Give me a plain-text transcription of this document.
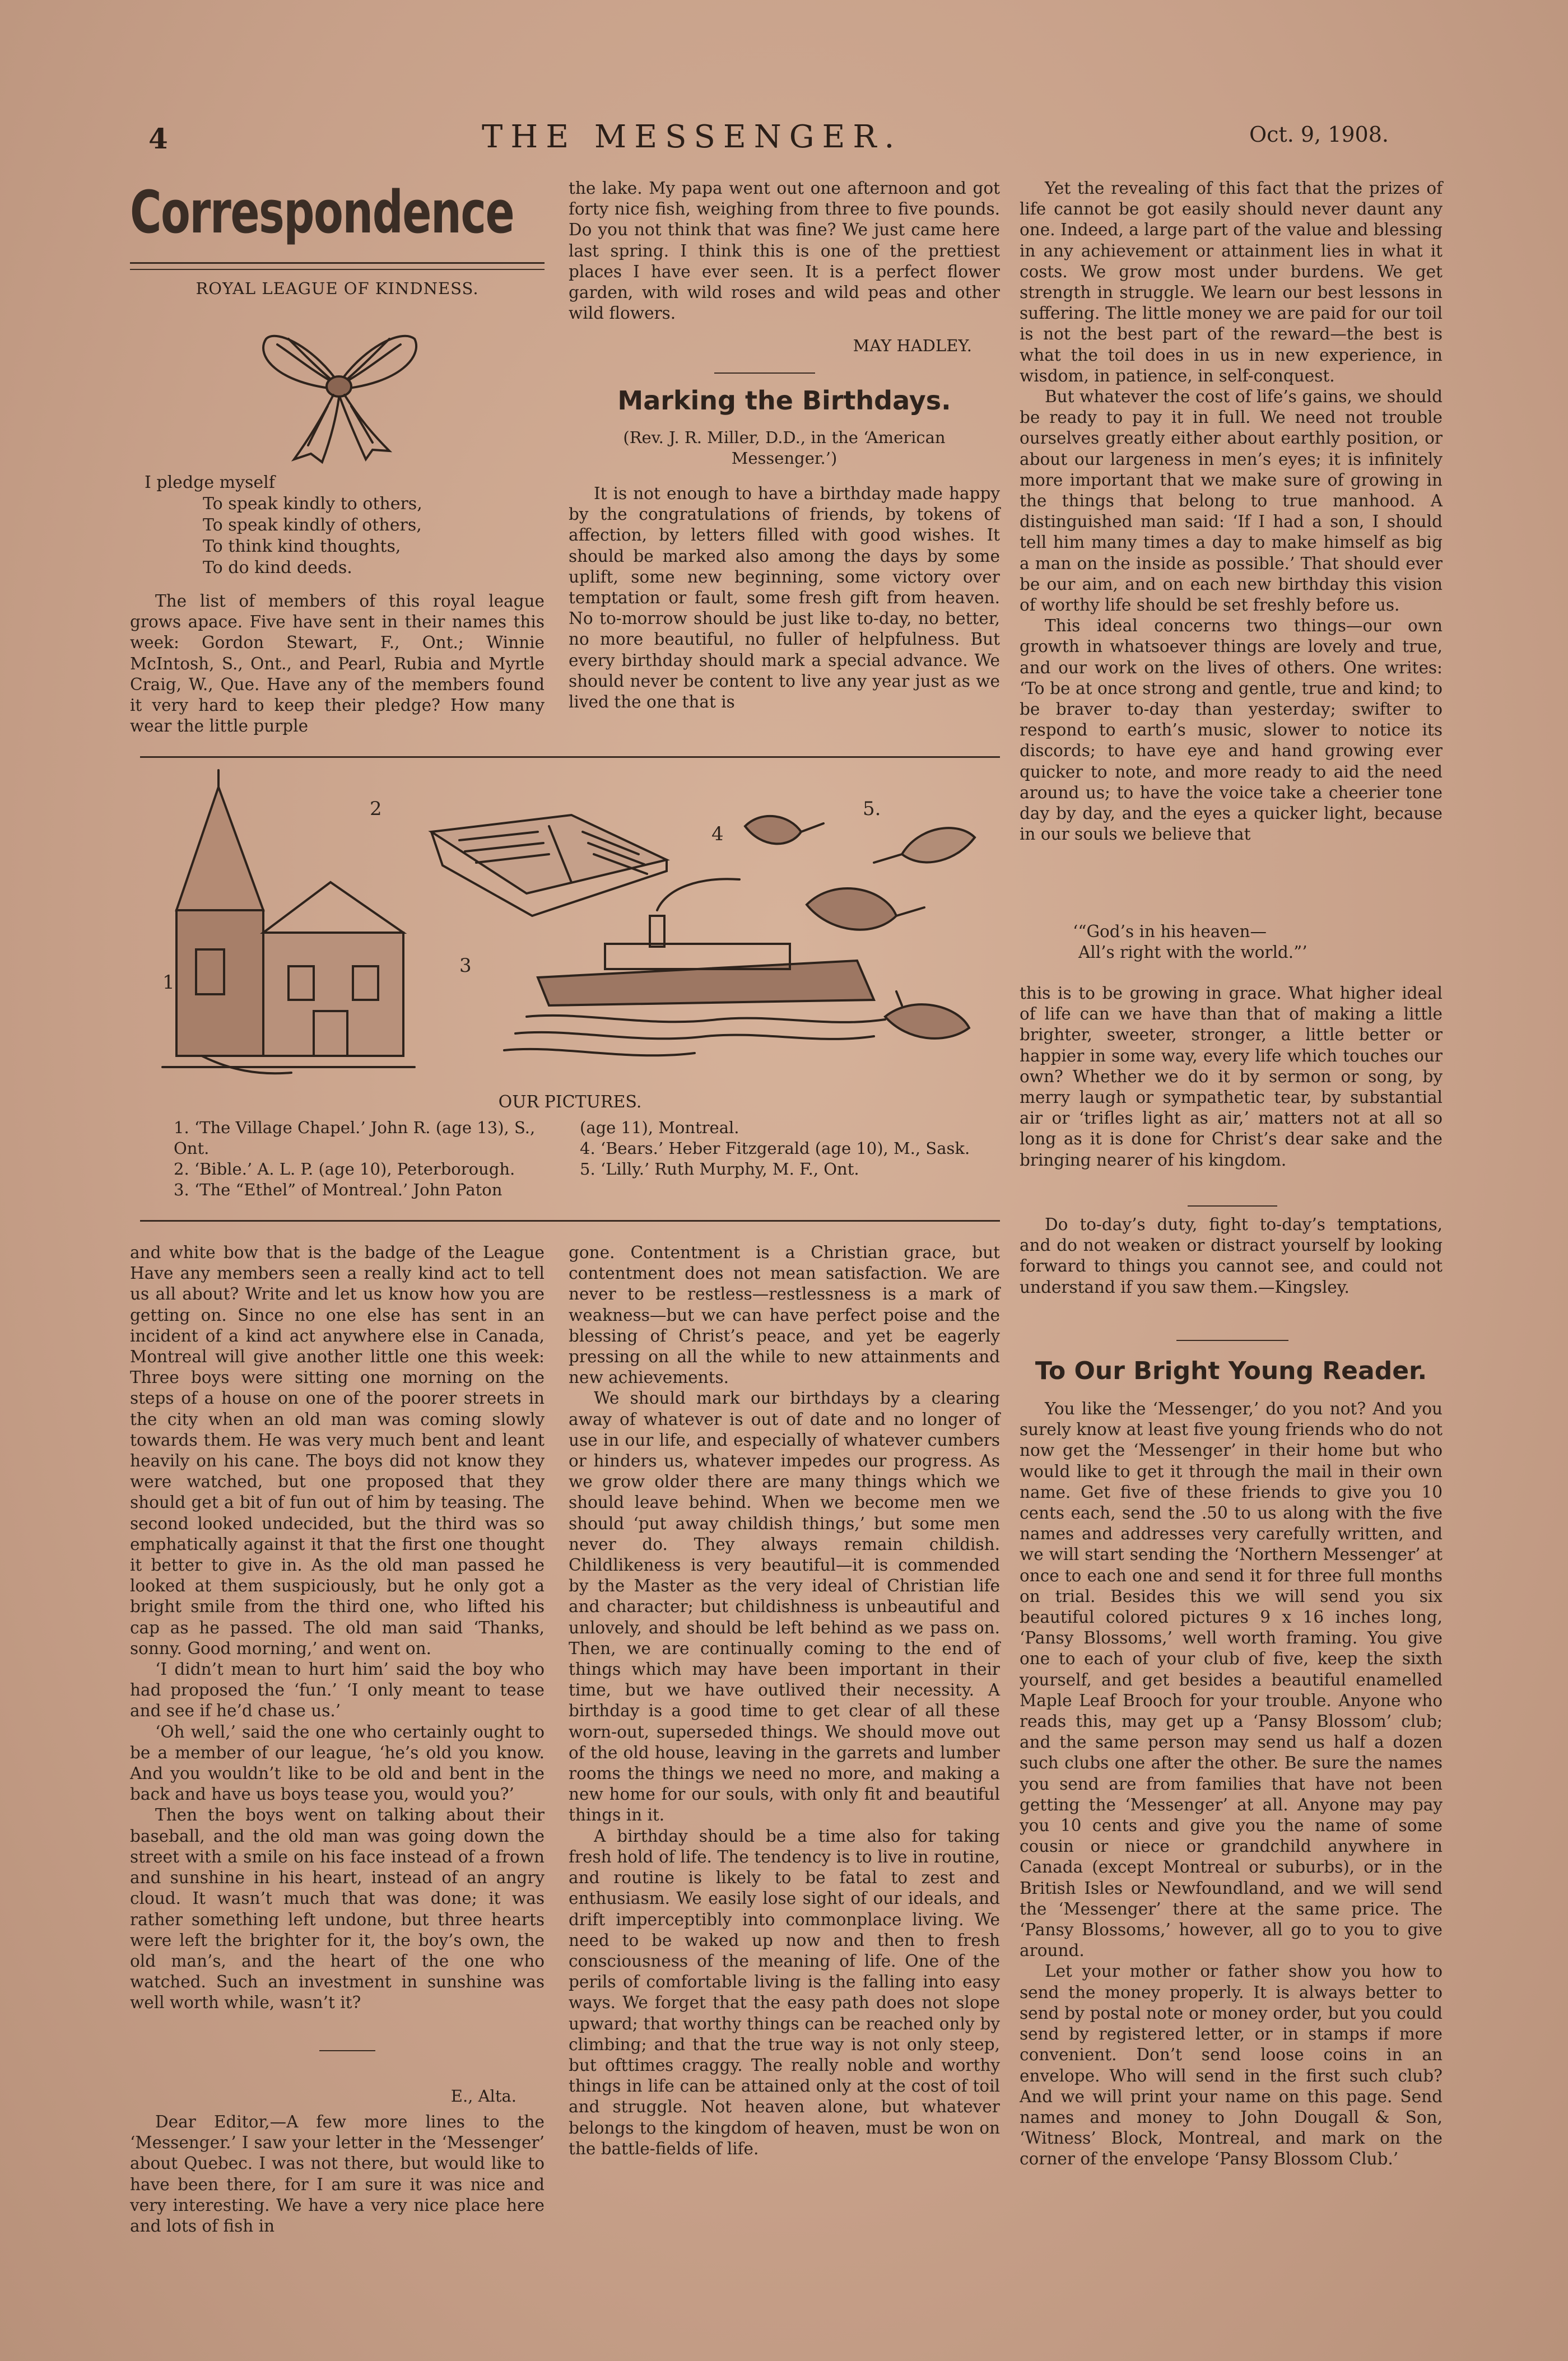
4	THE MESSENGER.	Oct. 9, 1908.
Correspondence
ROYAL LEAGUE OF KINDNESS.
I pledge myself
To speak kindly to others,
To speak kindly of others,
To think kind thoughts,
To do kind deeds.

The list of members of this royal league grows apace. Five have sent in their names this week: Gordon Stewart, F., Ont.; Winnie McIntosh, S., Ont., and Pearl, Rubia and Myrtle Craig, W., Que. Have any of the members found it very hard to keep their pledge? How many wear the little purple

the lake. My papa went out one afternoon and got forty nice fish, weighing from three to five pounds. Do you not think that was fine? We just came here last spring. I think this is one of the prettiest places I have ever seen. It is a perfect flower garden, with wild roses and wild peas and other wild flowers.

MAY HADLEY.
Marking the Birthdays.
(Rev. J. R. Miller, D.D., in the ‘American Messenger.’)

It is not enough to have a birthday made happy by the congratulations of friends, by tokens of affection, by letters filled with good wishes. It should be marked also among the days by some uplift, some new beginning, some victory over temptation or fault, some fresh gift from heaven. No to-morrow should be just like to-day, no better, no more beautiful, no fuller of helpfulness. But every birthday should mark a special advance. We should never be content to live any year just as we lived the one that is

1
2
3
4
5.
OUR PICTURES.
1. ‘The Village Chapel.’ John R. (age 13), S., Ont.
2. ‘Bible.’ A. L. P. (age 10), Peterborough.
3. ‘The “Ethel” of Montreal.’ John Paton
(age 11), Montreal.
4. ‘Bears.’ Heber Fitzgerald (age 10), M., Sask.
5. ‘Lilly.’ Ruth Murphy, M. F., Ont.

and white bow that is the badge of the League Have any members seen a really kind act to tell us all about? Write and let us know how you are getting on. Since no one else has sent in an incident of a kind act anywhere else in Canada, Montreal will give another little one this week: Three boys were sitting one morning on the steps of a house on one of the poorer streets in the city when an old man was coming slowly towards them. He was very much bent and leant heavily on his cane. The boys did not know they were watched, but one proposed that they should get a bit of fun out of him by teasing. The second looked undecided, but the third was so emphatically against it that the first one thought it better to give in. As the old man passed he looked at them suspiciously, but he only got a bright smile from the third one, who lifted his cap as he passed. The old man said ‘Thanks, sonny. Good morning,’ and went on.

‘I didn’t mean to hurt him’ said the boy who had proposed the ‘fun.’ ‘I only meant to tease and see if he’d chase us.’

‘Oh well,’ said the one who certainly ought to be a member of our league, ‘he’s old you know. And you wouldn’t like to be old and bent in the back and have us boys tease you, would you?’

Then the boys went on talking about their baseball, and the old man was going down the street with a smile on his face instead of a frown and sunshine in his heart, instead of an angry cloud. It wasn’t much that was done; it was rather something left undone, but three hearts were left the brighter for it, the boy’s own, the old man’s, and the heart of the one who watched. Such an investment in sunshine was well worth while, wasn’t it?

E., Alta.

Dear Editor,—A few more lines to the ‘Messenger.’ I saw your letter in the ‘Messenger’ about Quebec. I was not there, but would like to have been there, for I am sure it was nice and very interesting. We have a very nice place here and lots of fish in

gone. Contentment is a Christian grace, but contentment does not mean satisfaction. We are never to be restless—restlessness is a mark of weakness—but we can have perfect poise and the blessing of Christ’s peace, and yet be eagerly pressing on all the while to new attainments and new achievements.

We should mark our birthdays by a clearing away of whatever is out of date and no longer of use in our life, and especially of whatever cumbers or hinders us, whatever impedes our progress. As we grow older there are many things which we should leave behind. When we become men we should ‘put away childish things,’ but some men never do. They always remain childish. Childlikeness is very beautiful—it is commended by the Master as the very ideal of Christian life and character; but childishness is unbeautiful and unlovely, and should be left behind as we pass on. Then, we are continually coming to the end of things which may have been important in their time, but we have outlived their necessity. A birthday is a good time to get clear of all these worn-out, superseded things. We should move out of the old house, leaving in the garrets and lumber rooms the things we need no more, and making a new home for our souls, with only fit and beautiful things in it.

A birthday should be a time also for taking fresh hold of life. The tendency is to live in routine, and routine is likely to be fatal to zest and enthusiasm. We easily lose sight of our ideals, and drift imperceptibly into commonplace living. We need to be waked up now and then to fresh consciousness of the meaning of life. One of the perils of comfortable living is the falling into easy ways. We forget that the easy path does not slope upward; that worthy things can be reached only by climbing; and that the true way is not only steep, but ofttimes craggy. The really noble and worthy things in life can be attained only at the cost of toil and struggle. Not heaven alone, but whatever belongs to the kingdom of heaven, must be won on the battle-fields of life.

Yet the revealing of this fact that the prizes of life cannot be got easily should never daunt any one. Indeed, a large part of the value and blessing in any achievement or attainment lies in what it costs. We grow most under burdens. We get strength in struggle. We learn our best lessons in suffering. The little money we are paid for our toil is not the best part of the reward—the best is what the toil does in us in new experience, in wisdom, in patience, in self-conquest.

But whatever the cost of life’s gains, we should be ready to pay it in full. We need not trouble ourselves greatly either about earthly position, or about our largeness in men’s eyes; it is infinitely more important that we make sure of growing in the things that belong to true manhood. A distinguished man said: ‘If I had a son, I should tell him many times a day to make himself as big a man on the inside as possible.’ That should ever be our aim, and on each new birthday this vision of worthy life should be set freshly before us.

This ideal concerns two things—our own growth in whatsoever things are lovely and true, and our work on the lives of others. One writes: ‘To be at once strong and gentle, true and kind; to be braver to-day than yesterday; swifter to respond to earth’s music, slower to notice its discords; to have eye and hand growing ever quicker to note, and more ready to aid the need around us; to have the voice take a cheerier tone day by day, and the eyes a quicker light, because in our souls we believe that

‘“God’s in his heaven—
All’s right with the world.”’

this is to be growing in grace. What higher ideal of life can we have than that of making a little brighter, sweeter, stronger, a little better or happier in some way, every life which touches our own? Whether we do it by sermon or song, by merry laugh or sympathetic tear, by substantial air or ‘trifles light as air,’ matters not at all so long as it is done for Christ’s dear sake and the bringing nearer of his kingdom.

Do to-day’s duty, fight to-day’s temptations, and do not weaken or distract yourself by looking forward to things you cannot see, and could not understand if you saw them.—Kingsley.

To Our Bright Young Reader.

You like the ‘Messenger,’ do you not? And you surely know at least five young friends who do not now get the ‘Messenger’ in their home but who would like to get it through the mail in their own name. Get five of these friends to give you 10 cents each, send the .50 to us along with the five names and addresses very carefully written, and we will start sending the ‘Northern Messenger’ at once to each one and send it for three full months on trial. Besides this we will send you six beautiful colored pictures 9 x 16 inches long, ‘Pansy Blossoms,’ well worth framing. You give one to each of your club of five, keep the sixth yourself, and get besides a beautiful enamelled Maple Leaf Brooch for your trouble. Anyone who reads this, may get up a ‘Pansy Blossom’ club; and the same person may send us half a dozen such clubs one after the other. Be sure the names you send are from families that have not been getting the ‘Messenger’ at all. Anyone may pay you 10 cents and give you the name of some cousin or niece or grandchild anywhere in Canada (except Montreal or suburbs), or in the British Isles or Newfoundland, and we will send the ‘Messenger’ there at the same price. The ‘Pansy Blossoms,’ however, all go to you to give around.

Let your mother or father show you how to send the money properly. It is always better to send by postal note or money order, but you could send by registered letter, or in stamps if more convenient. Don’t send loose coins in an envelope. Who will send in the first such club? And we will print your name on this page. Send names and money to John Dougall & Son, ‘Witness’ Block, Montreal, and mark on the corner of the envelope ‘Pansy Blossom Club.’
